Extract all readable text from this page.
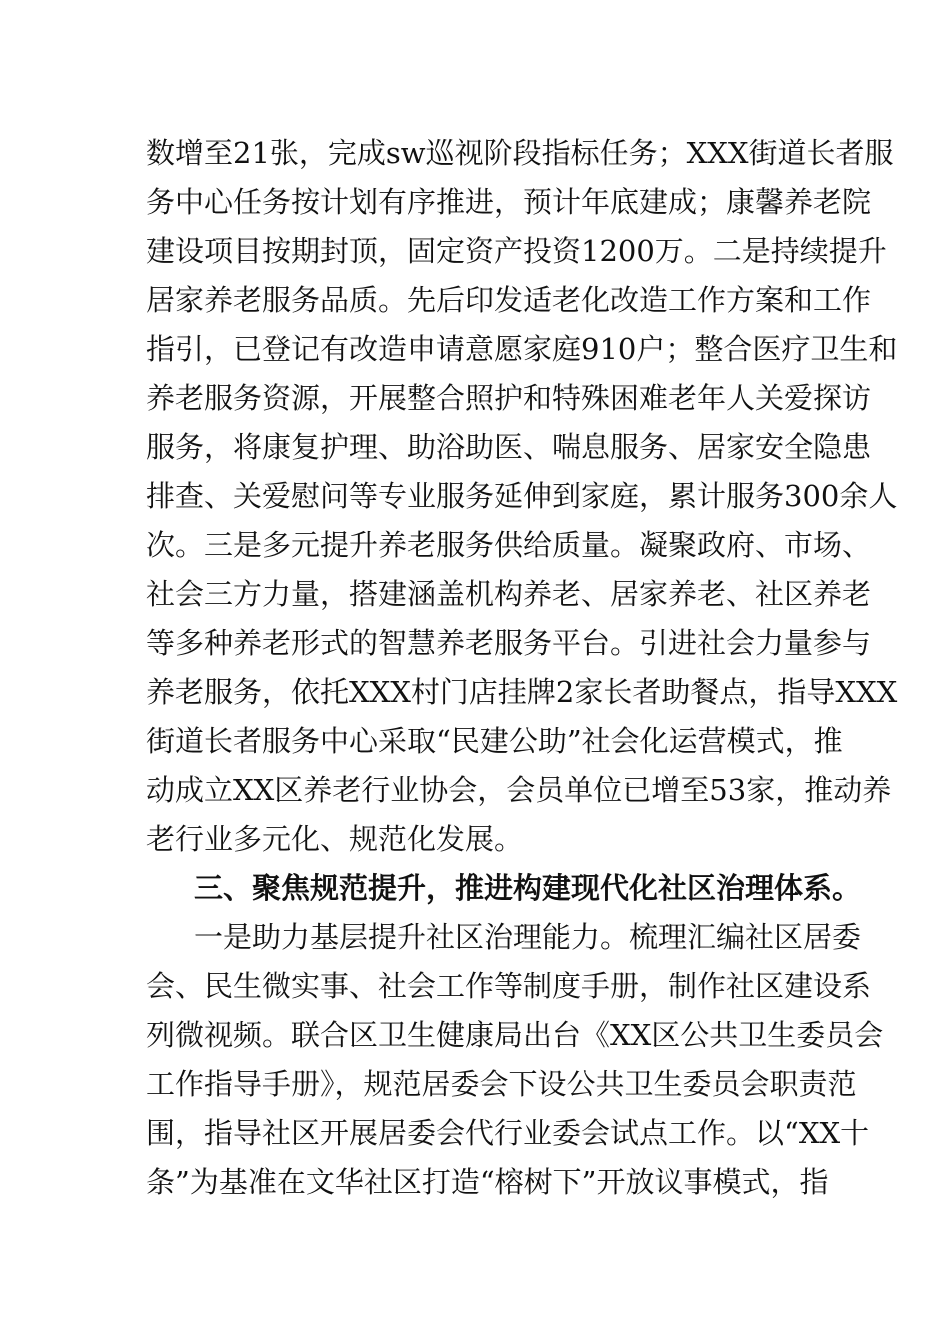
数增至21张，完成sw巡视阶段指标任务；XXX街道长者服
务中心任务按计划有序推进，预计年底建成；康馨养老院
建设项目按期封顶，固定资产投资1200万。二是持续提升
居家养老服务品质。先后印发适老化改造工作方案和工作
指引，已登记有改造申请意愿家庭910户；整合医疗卫生和
养老服务资源，开展整合照护和特殊困难老年人关爱探访
服务，将康复护理、助浴助医、喘息服务、居家安全隐患
排查、关爱慰问等专业服务延伸到家庭，累计服务300余人
次。三是多元提升养老服务供给质量。凝聚政府、市场、
社会三方力量，搭建涵盖机构养老、居家养老、社区养老
等多种养老形式的智慧养老服务平台。引进社会力量参与
养老服务，依托XXX村门店挂牌2家长者助餐点，指导XXX
街道长者服务中心采取“民建公助”社会化运营模式，推
动成立XX区养老行业协会，会员单位已增至53家，推动养
老行业多元化、规范化发展。
三、聚焦规范提升，推进构建现代化社区治理体系。
一是助力基层提升社区治理能力。梳理汇编社区居委
会、民生微实事、社会工作等制度手册，制作社区建设系
列微视频。联合区卫生健康局出台《XX区公共卫生委员会
工作指导手册》，规范居委会下设公共卫生委员会职责范
围，指导社区开展居委会代行业委会试点工作。以“XX十
条”为基准在文华社区打造“榕树下”开放议事模式，指
